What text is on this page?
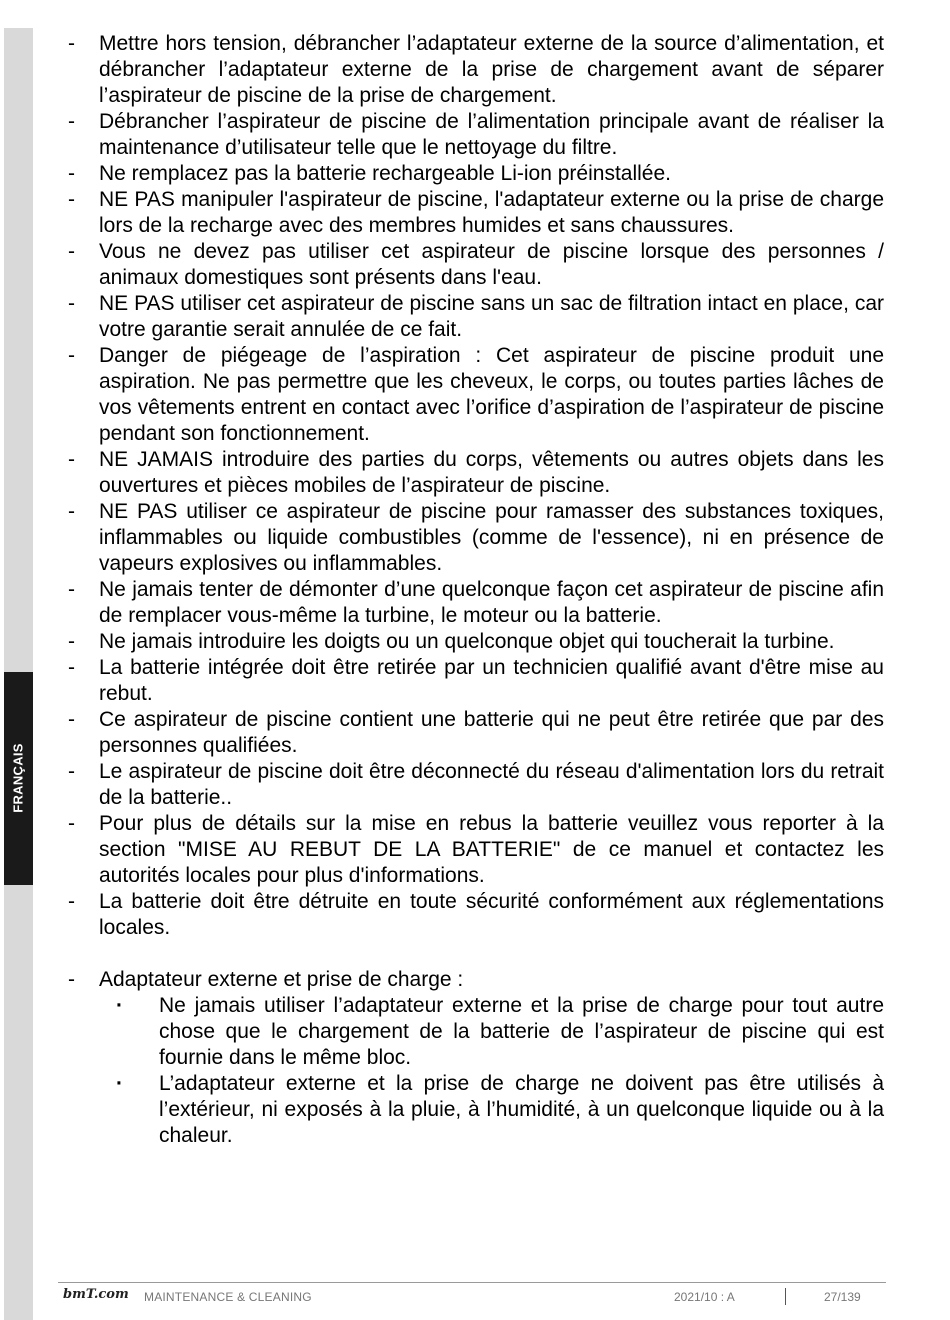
FRANÇAIS
- Mettre hors tension, débrancher l’adaptateur externe de la source d’alimentation, et débrancher l’adaptateur externe de la prise de chargement avant de séparer l’aspirateur de piscine de la prise de chargement.
- Débrancher l’aspirateur de piscine de l’alimentation principale avant de réaliser la maintenance d’utilisateur telle que le nettoyage du filtre.
- Ne remplacez pas la batterie rechargeable Li-ion préinstallée.
- NE PAS manipuler l'aspirateur de piscine, l'adaptateur externe ou la prise de charge lors de la recharge avec des membres humides et sans chaussures.
- Vous ne devez pas utiliser cet aspirateur de piscine lorsque des personnes / animaux domestiques sont présents dans l'eau.
- NE PAS utiliser cet aspirateur de piscine sans un sac de filtration intact en place, car votre garantie serait annulée de ce fait.
- Danger de piégeage de l’aspiration : Cet aspirateur de piscine produit une aspiration. Ne pas permettre que les cheveux, le corps, ou toutes parties lâches de vos vêtements entrent en contact avec l’orifice d’aspiration de l’aspirateur de piscine pendant son fonctionnement.
- NE JAMAIS introduire des parties du corps, vêtements ou autres objets dans les ouvertures et pièces mobiles de l’aspirateur de piscine.
- NE PAS utiliser ce aspirateur de piscine pour ramasser des substances toxiques, inflammables ou liquide combustibles (comme de l'essence), ni en présence de vapeurs explosives ou inflammables.
- Ne jamais tenter de démonter d’une quelconque façon cet aspirateur de piscine afin de remplacer vous-même la turbine, le moteur ou la batterie.
- Ne jamais introduire les doigts ou un quelconque objet qui toucherait la turbine.
- La batterie intégrée doit être retirée par un technicien qualifié avant d'être mise au rebut.
- Ce aspirateur de piscine contient une batterie qui ne peut être retirée que par des personnes qualifiées.
- Le aspirateur de piscine doit être déconnecté du réseau d'alimentation lors du retrait de la batterie..
- Pour plus de détails sur la mise en rebus la batterie veuillez vous reporter à la section "MISE AU REBUT DE LA BATTERIE" de ce manuel et contactez les autorités locales pour plus d'informations.
- La batterie doit être détruite en toute sécurité conformément aux réglementations locales.
- Adaptateur externe et prise de charge :
· Ne jamais utiliser l’adaptateur externe et la prise de charge pour tout autre chose que le chargement de la batterie de l’aspirateur de piscine qui est fournie dans le même bloc.
· L’adaptateur externe et la prise de charge ne doivent pas être utilisés à l’extérieur, ni exposés à la pluie, à l’humidité, à un quelconque liquide ou à la chaleur.
bmT.com MAINTENANCE & CLEANING	2021/10 : A	27/139
